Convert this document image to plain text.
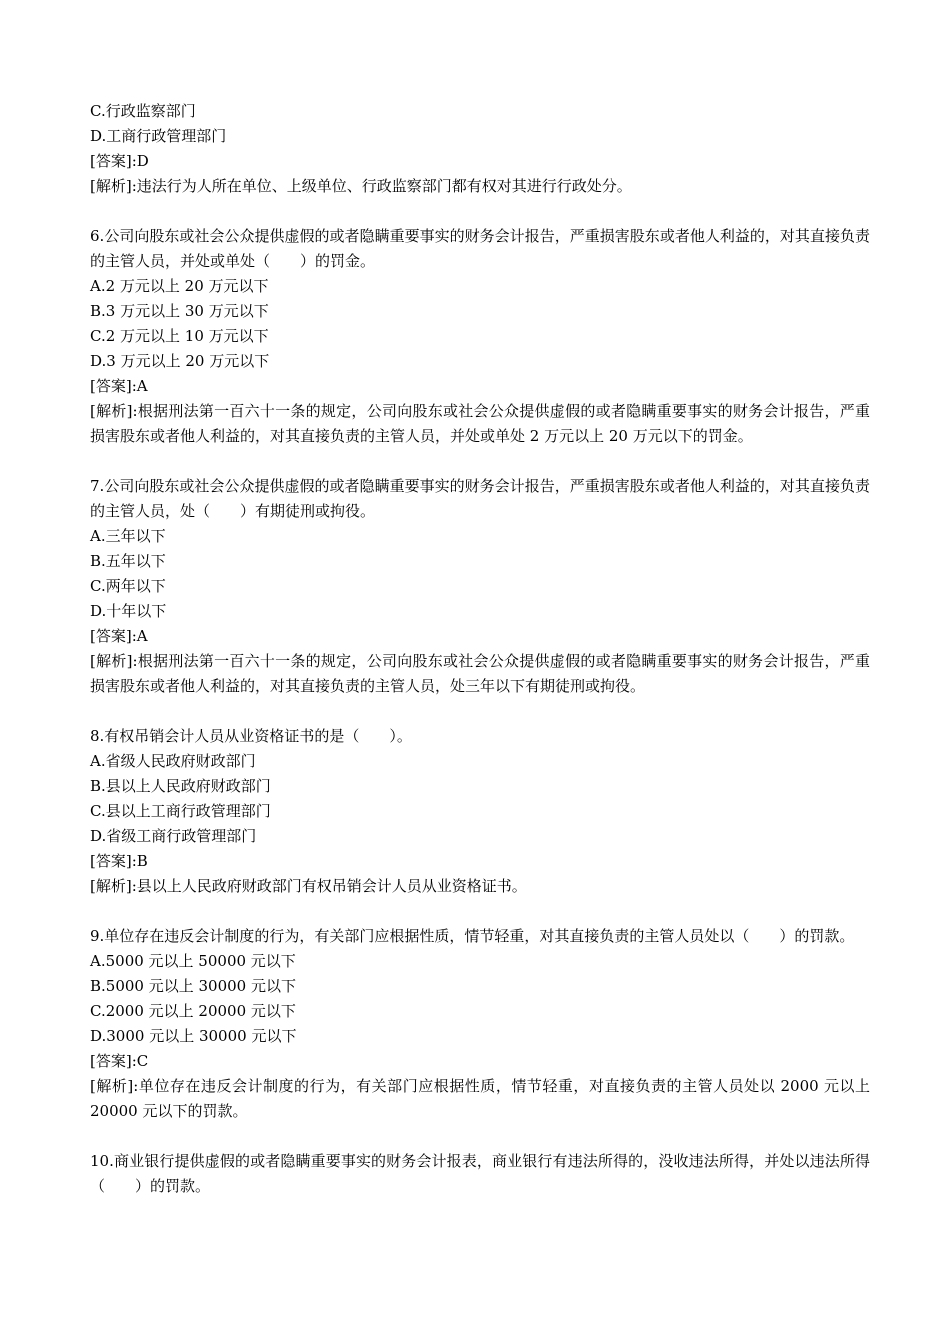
C.行政监察部门

D.工商行政管理部门

[答案]:D

[解析]:违法行为人所在单位、上级单位、行政监察部门都有权对其进行行政处分。

6.公司向股东或社会公众提供虚假的或者隐瞒重要事实的财务会计报告，严重损害股东或者他人利益的，对其直接负责的主管人员，并处或单处（　　）的罚金。

A.2 万元以上 20 万元以下

B.3 万元以上 30 万元以下

C.2 万元以上 10 万元以下

D.3 万元以上 20 万元以下

[答案]:A

[解析]:根据刑法第一百六十一条的规定，公司向股东或社会公众提供虚假的或者隐瞒重要事实的财务会计报告，严重损害股东或者他人利益的，对其直接负责的主管人员，并处或单处 2 万元以上 20 万元以下的罚金。

7.公司向股东或社会公众提供虚假的或者隐瞒重要事实的财务会计报告，严重损害股东或者他人利益的，对其直接负责的主管人员，处（　　）有期徒刑或拘役。

A.三年以下

B.五年以下

C.两年以下

D.十年以下

[答案]:A

[解析]:根据刑法第一百六十一条的规定，公司向股东或社会公众提供虚假的或者隐瞒重要事实的财务会计报告，严重损害股东或者他人利益的，对其直接负责的主管人员，处三年以下有期徒刑或拘役。

8.有权吊销会计人员从业资格证书的是（　　）。

A.省级人民政府财政部门

B.县以上人民政府财政部门

C.县以上工商行政管理部门

D.省级工商行政管理部门

[答案]:B

[解析]:县以上人民政府财政部门有权吊销会计人员从业资格证书。

9.单位存在违反会计制度的行为，有关部门应根据性质，情节轻重，对其直接负责的主管人员处以（　　）的罚款。

A.5000 元以上 50000 元以下

B.5000 元以上 30000 元以下

C.2000 元以上 20000 元以下

D.3000 元以上 30000 元以下

[答案]:C

[解析]:单位存在违反会计制度的行为，有关部门应根据性质，情节轻重，对直接负责的主管人员处以 2000 元以上 20000 元以下的罚款。

10.商业银行提供虚假的或者隐瞒重要事实的财务会计报表，商业银行有违法所得的，没收违法所得，并处以违法所得（　　）的罚款。
